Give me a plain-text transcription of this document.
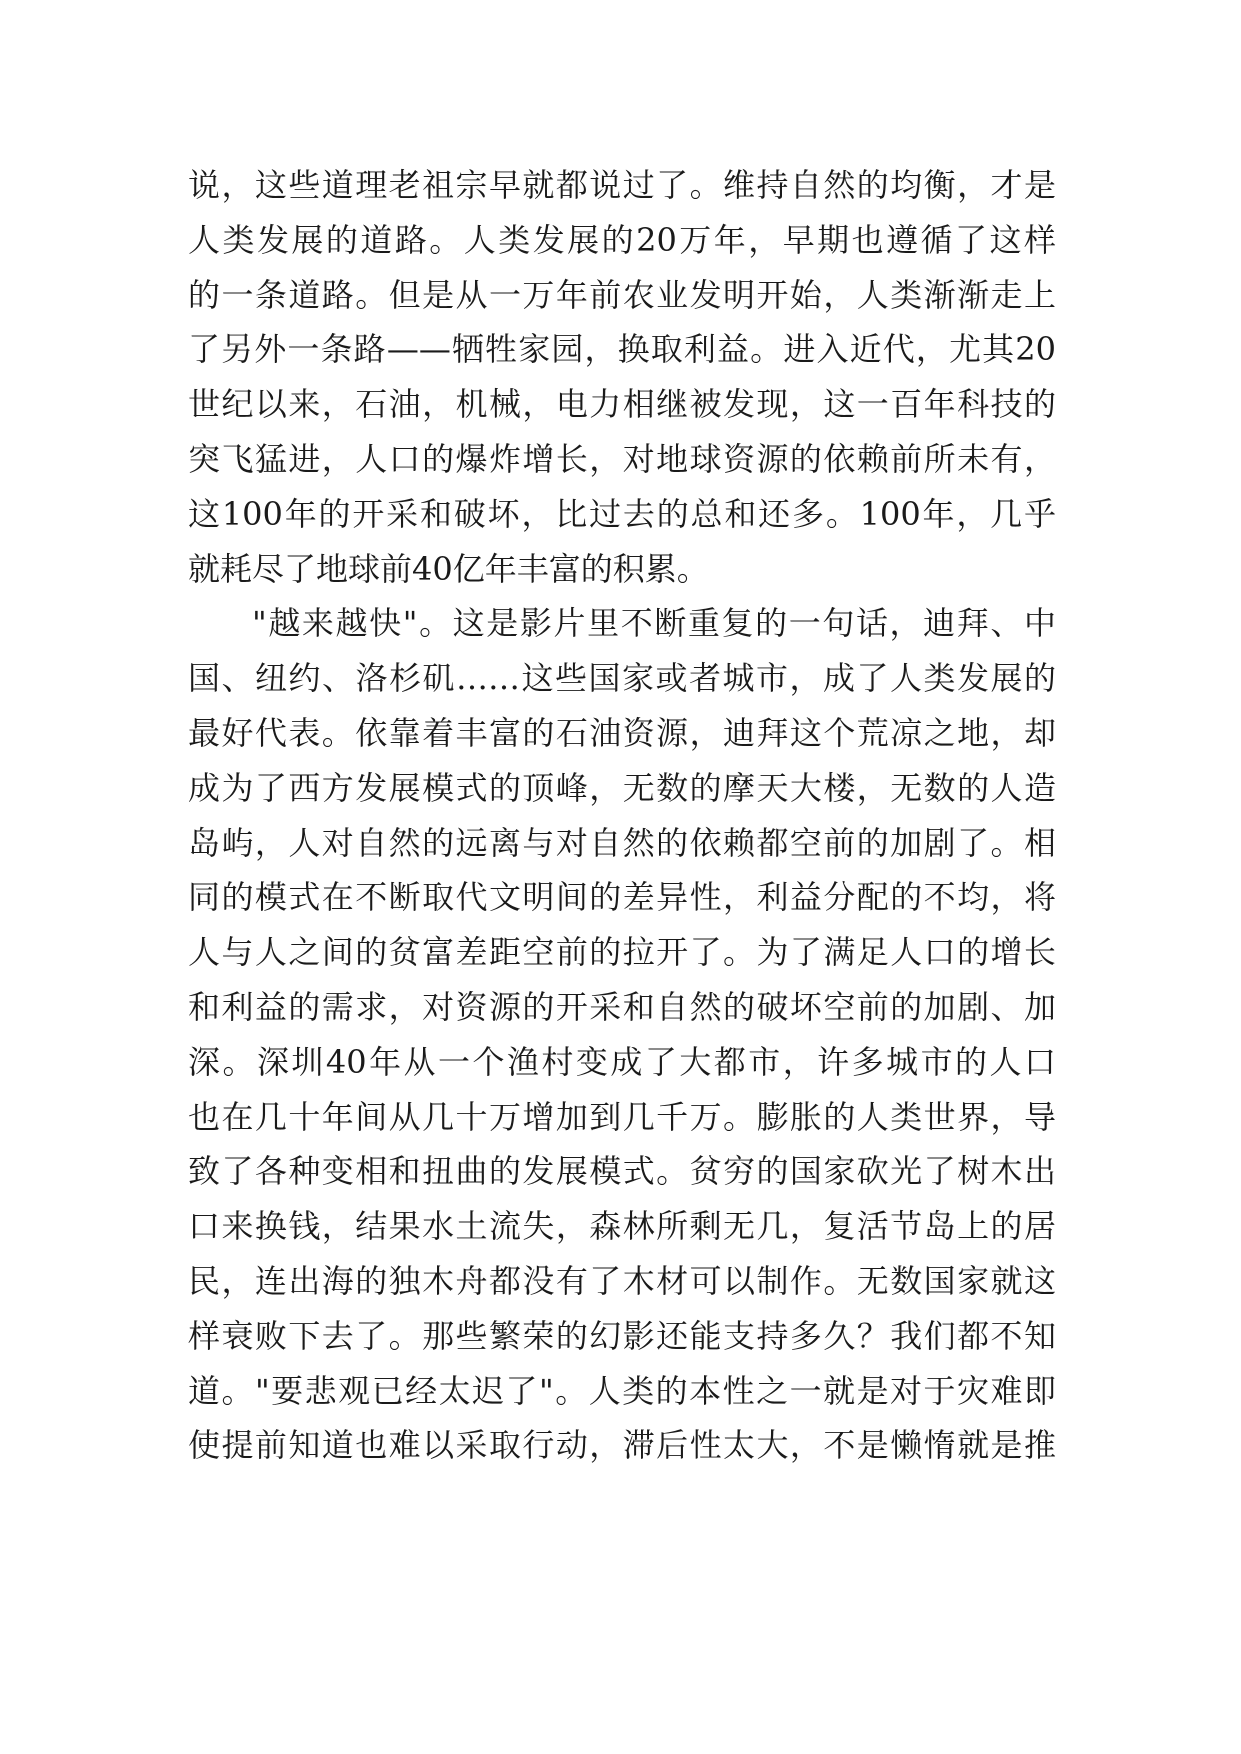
说，这些道理老祖宗早就都说过了。维持自然的均衡，才是
人类发展的道路。人类发展的20万年，早期也遵循了这样
的一条道路。但是从一万年前农业发明开始，人类渐渐走上
了另外一条路——牺牲家园，换取利益。进入近代，尤其20
世纪以来，石油，机械，电力相继被发现，这一百年科技的
突飞猛进，人口的爆炸增长，对地球资源的依赖前所未有，
这100年的开采和破坏，比过去的总和还多。100年，几乎
就耗尽了地球前40亿年丰富的积累。
"越来越快"。这是影片里不断重复的一句话，迪拜、中
国、纽约、洛杉矶……这些国家或者城市，成了人类发展的
最好代表。依靠着丰富的石油资源，迪拜这个荒凉之地，却
成为了西方发展模式的顶峰，无数的摩天大楼，无数的人造
岛屿，人对自然的远离与对自然的依赖都空前的加剧了。相
同的模式在不断取代文明间的差异性，利益分配的不均，将
人与人之间的贫富差距空前的拉开了。为了满足人口的增长
和利益的需求，对资源的开采和自然的破坏空前的加剧、加
深。深圳40年从一个渔村变成了大都市，许多城市的人口
也在几十年间从几十万增加到几千万。膨胀的人类世界，导
致了各种变相和扭曲的发展模式。贫穷的国家砍光了树木出
口来换钱，结果水土流失，森林所剩无几，复活节岛上的居
民，连出海的独木舟都没有了木材可以制作。无数国家就这
样衰败下去了。那些繁荣的幻影还能支持多久？我们都不知
道。"要悲观已经太迟了"。人类的本性之一就是对于灾难即
使提前知道也难以采取行动，滞后性太大，不是懒惰就是推
